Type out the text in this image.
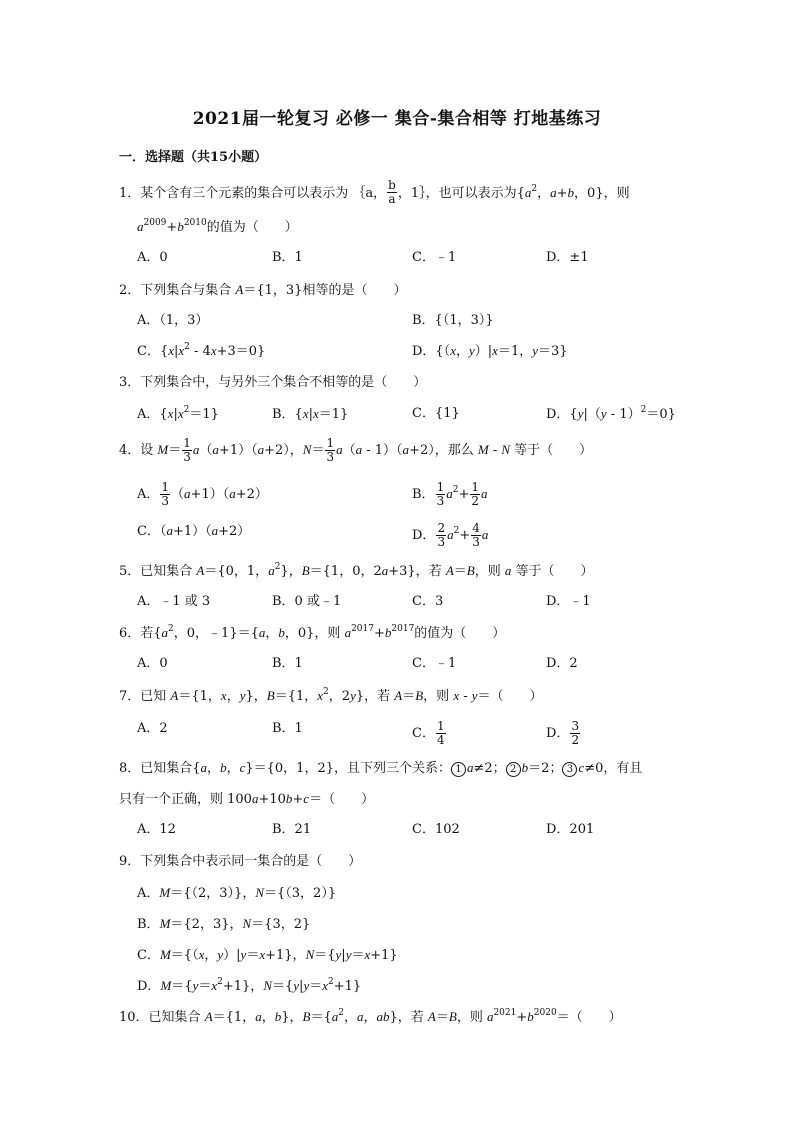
2021届一轮复习 必修一 集合-集合相等 打地基练习
一．选择题（共15小题）
1．某个含有三个元素的集合可以表示为 ｛a， $\frac{b}{a}$ ，1｝，也可以表示为{$a^2$，a+b，0}，则
$a^{2009}+b^{2010}$的值为（　　）
A．0	B．1	C．﹣1	D．±1
2．下列集合与集合 A＝{1，3}相等的是（　　）
A．（1，3）	B．{（1，3）}
C．$\{x|x^2 - 4x+3=0\}$	D．{（x，y）|x＝1，y＝3}
3．下列集合中，与另外三个集合不相等的是（　　）
A．$\{x|x^2=1\}$	B．{x|x＝1}	C．{1}	D．{y|（y - 1）$^2$＝0}
4．设 $M= \frac{1}{3} a(a+1)(a+2)$，$N= \frac{1}{3} a(a - 1)(a+2)$，那么 M - N 等于（　　）
A． $\frac{1}{3} (a+1)(a+2)$	B． $\frac{1}{3} a^2+ \frac{1}{2}$ a
C．（a+1）（a+2）	D． $\frac{2}{3} a^2+ \frac{4}{3}$ a
5．已知集合 A＝{0，1，$a^2$}，B＝{1，0，2a+3}，若 A＝B，则 a 等于（　　）
A．﹣1 或 3	B．0 或﹣1	C．3	D．﹣1
6．若{$a^2$，0，﹣1}＝{a，b，0}，则 $a^{2017}+b^{2017}$的值为（　　）
A．0	B．1	C．﹣1	D．2
7．已知 A＝{1，x，y}，B＝{1，$x^2$，2y}，若 A＝B，则 x - y＝（　　）
A．2	B．1	C． $\frac{1}{4}$	D． $\frac{3}{2}$
8．已知集合{a，b，c}＝{0，1，2}，且下列三个关系： 1 a≠2； 2 b＝2； 3 c≠0，有且
只有一个正确，则 100a+10b+c＝（　　）
A．12	B．21	C．102	D．201
9．下列集合中表示同一集合的是（　　）
A．M＝{（2，3）}，N＝{（3，2）}
B．M＝{2，3}，N＝{3，2}
C．M＝{（x，y）|y＝x+1}，N＝{y|y＝x+1}
D．$M=\{y=x^2+1\}$，$N=\{y|y=x^2+1\}$
10．已知集合 A＝{1，a，b}，$B=\{a^2$，a，ab}，若 A＝B，则 $a^{2021}+b^{2020}=$（　　）
